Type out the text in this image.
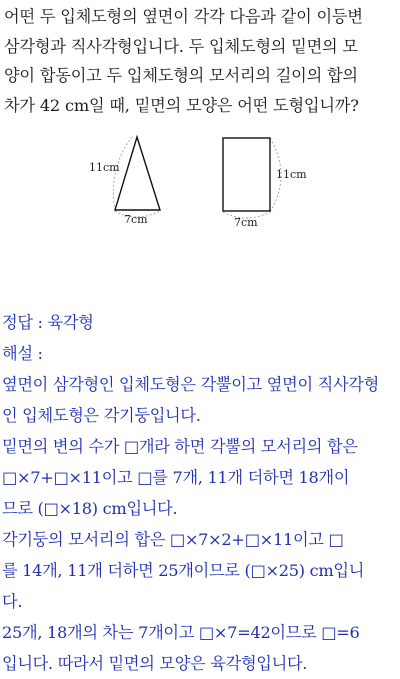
어떤 두 입체도형의 옆면이 각각 다음과 같이 이등변

삼각형과 직사각형입니다. 두 입체도형의 밑면의 모

양이 합동이고 두 입체도형의 모서리의 길이의 합의

차가 42 cm일 때, 밑면의 모양은 어떤 도형입니까?

11cm
7cm
11cm
7cm

정답 : 육각형

해설 :

옆면이 삼각형인 입체도형은 각뿔이고 옆면이 직사각형

인 입체도형은 각기둥입니다.

밑면의 변의 수가 □개라 하면 각뿔의 모서리의 합은

□×7+□×11이고 □를 7개, 11개 더하면 18개이

므로 (□×18) cm입니다.

각기둥의 모서리의 합은 □×7×2+□×11이고 □

를 14개, 11개 더하면 25개이므로 (□×25) cm입니

다.

25개, 18개의 차는 7개이고 □×7=42이므로 □=6

입니다. 따라서 밑면의 모양은 육각형입니다.
